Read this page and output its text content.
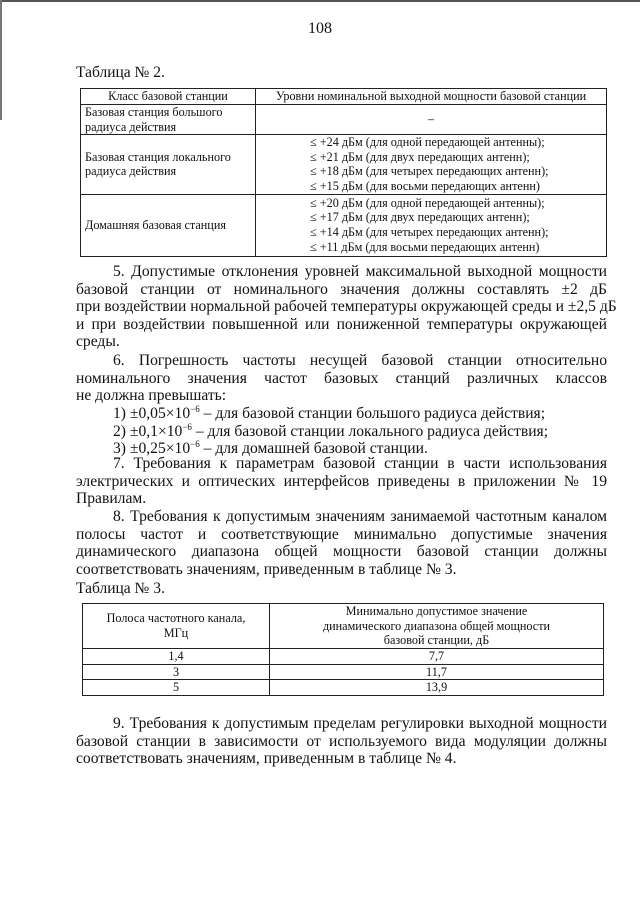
108
Таблица № 2.
Класс базовой станции	Уровни номинальной выходной мощности базовой станции
Базовая станция большого радиуса действия	–
Базовая станция локального радиуса действия	≤ +24 дБм (для одной передающей антенны);
≤ +21 дБм (для двух передающих антенн);
≤ +18 дБм (для четырех передающих антенн);
≤ +15 дБм (для восьми передающих антенн)

Домашняя базовая станция	≤ +20 дБм (для одной передающей антенны);
≤ +17 дБм (для двух передающих антенн);
≤ +14 дБм (для четырех передающих антенн);
≤ +11 дБм (для восьми передающих антенн)
5. Допустимые отклонения уровней максимальной выходной мощности
базовой станции от номинального значения должны составлять ±2 дБ
при воздействии нормальной рабочей температуры окружающей среды и ±2,5 дБ
и при воздействии повышенной или пониженной температуры окружающей
среды.
6. Погрешность частоты несущей базовой станции относительно
номинального значения частот базовых станций различных классов
не должна превышать:
$1) \pm 0,05\times 10^{-6}$ – для базовой станции большого радиуса действия;
$2) \pm 0,1\times 10^{-6}$ – для базовой станции локального радиуса действия;
$3) \pm 0,25\times 10^{-6}$ – для домашней базовой станции.
7. Требования к параметрам базовой станции в части использования
электрических и оптических интерфейсов приведены в приложении № 19
Правилам.
8. Требования к допустимым значениям занимаемой частотным каналом
полосы частот и соответствующие минимально допустимые значения
динамического диапазона общей мощности базовой станции должны
соответствовать значениям, приведенным в таблице № 3.
Таблица № 3.
Полоса частотного канала, МГц	Минимально допустимое значение динамического диапазона общей мощности базовой станции, дБ
1,4	7,7
3	11,7
5	13,9
9. Требования к допустимым пределам регулировки выходной мощности
базовой станции в зависимости от используемого вида модуляции должны
соответствовать значениям, приведенным в таблице № 4.
